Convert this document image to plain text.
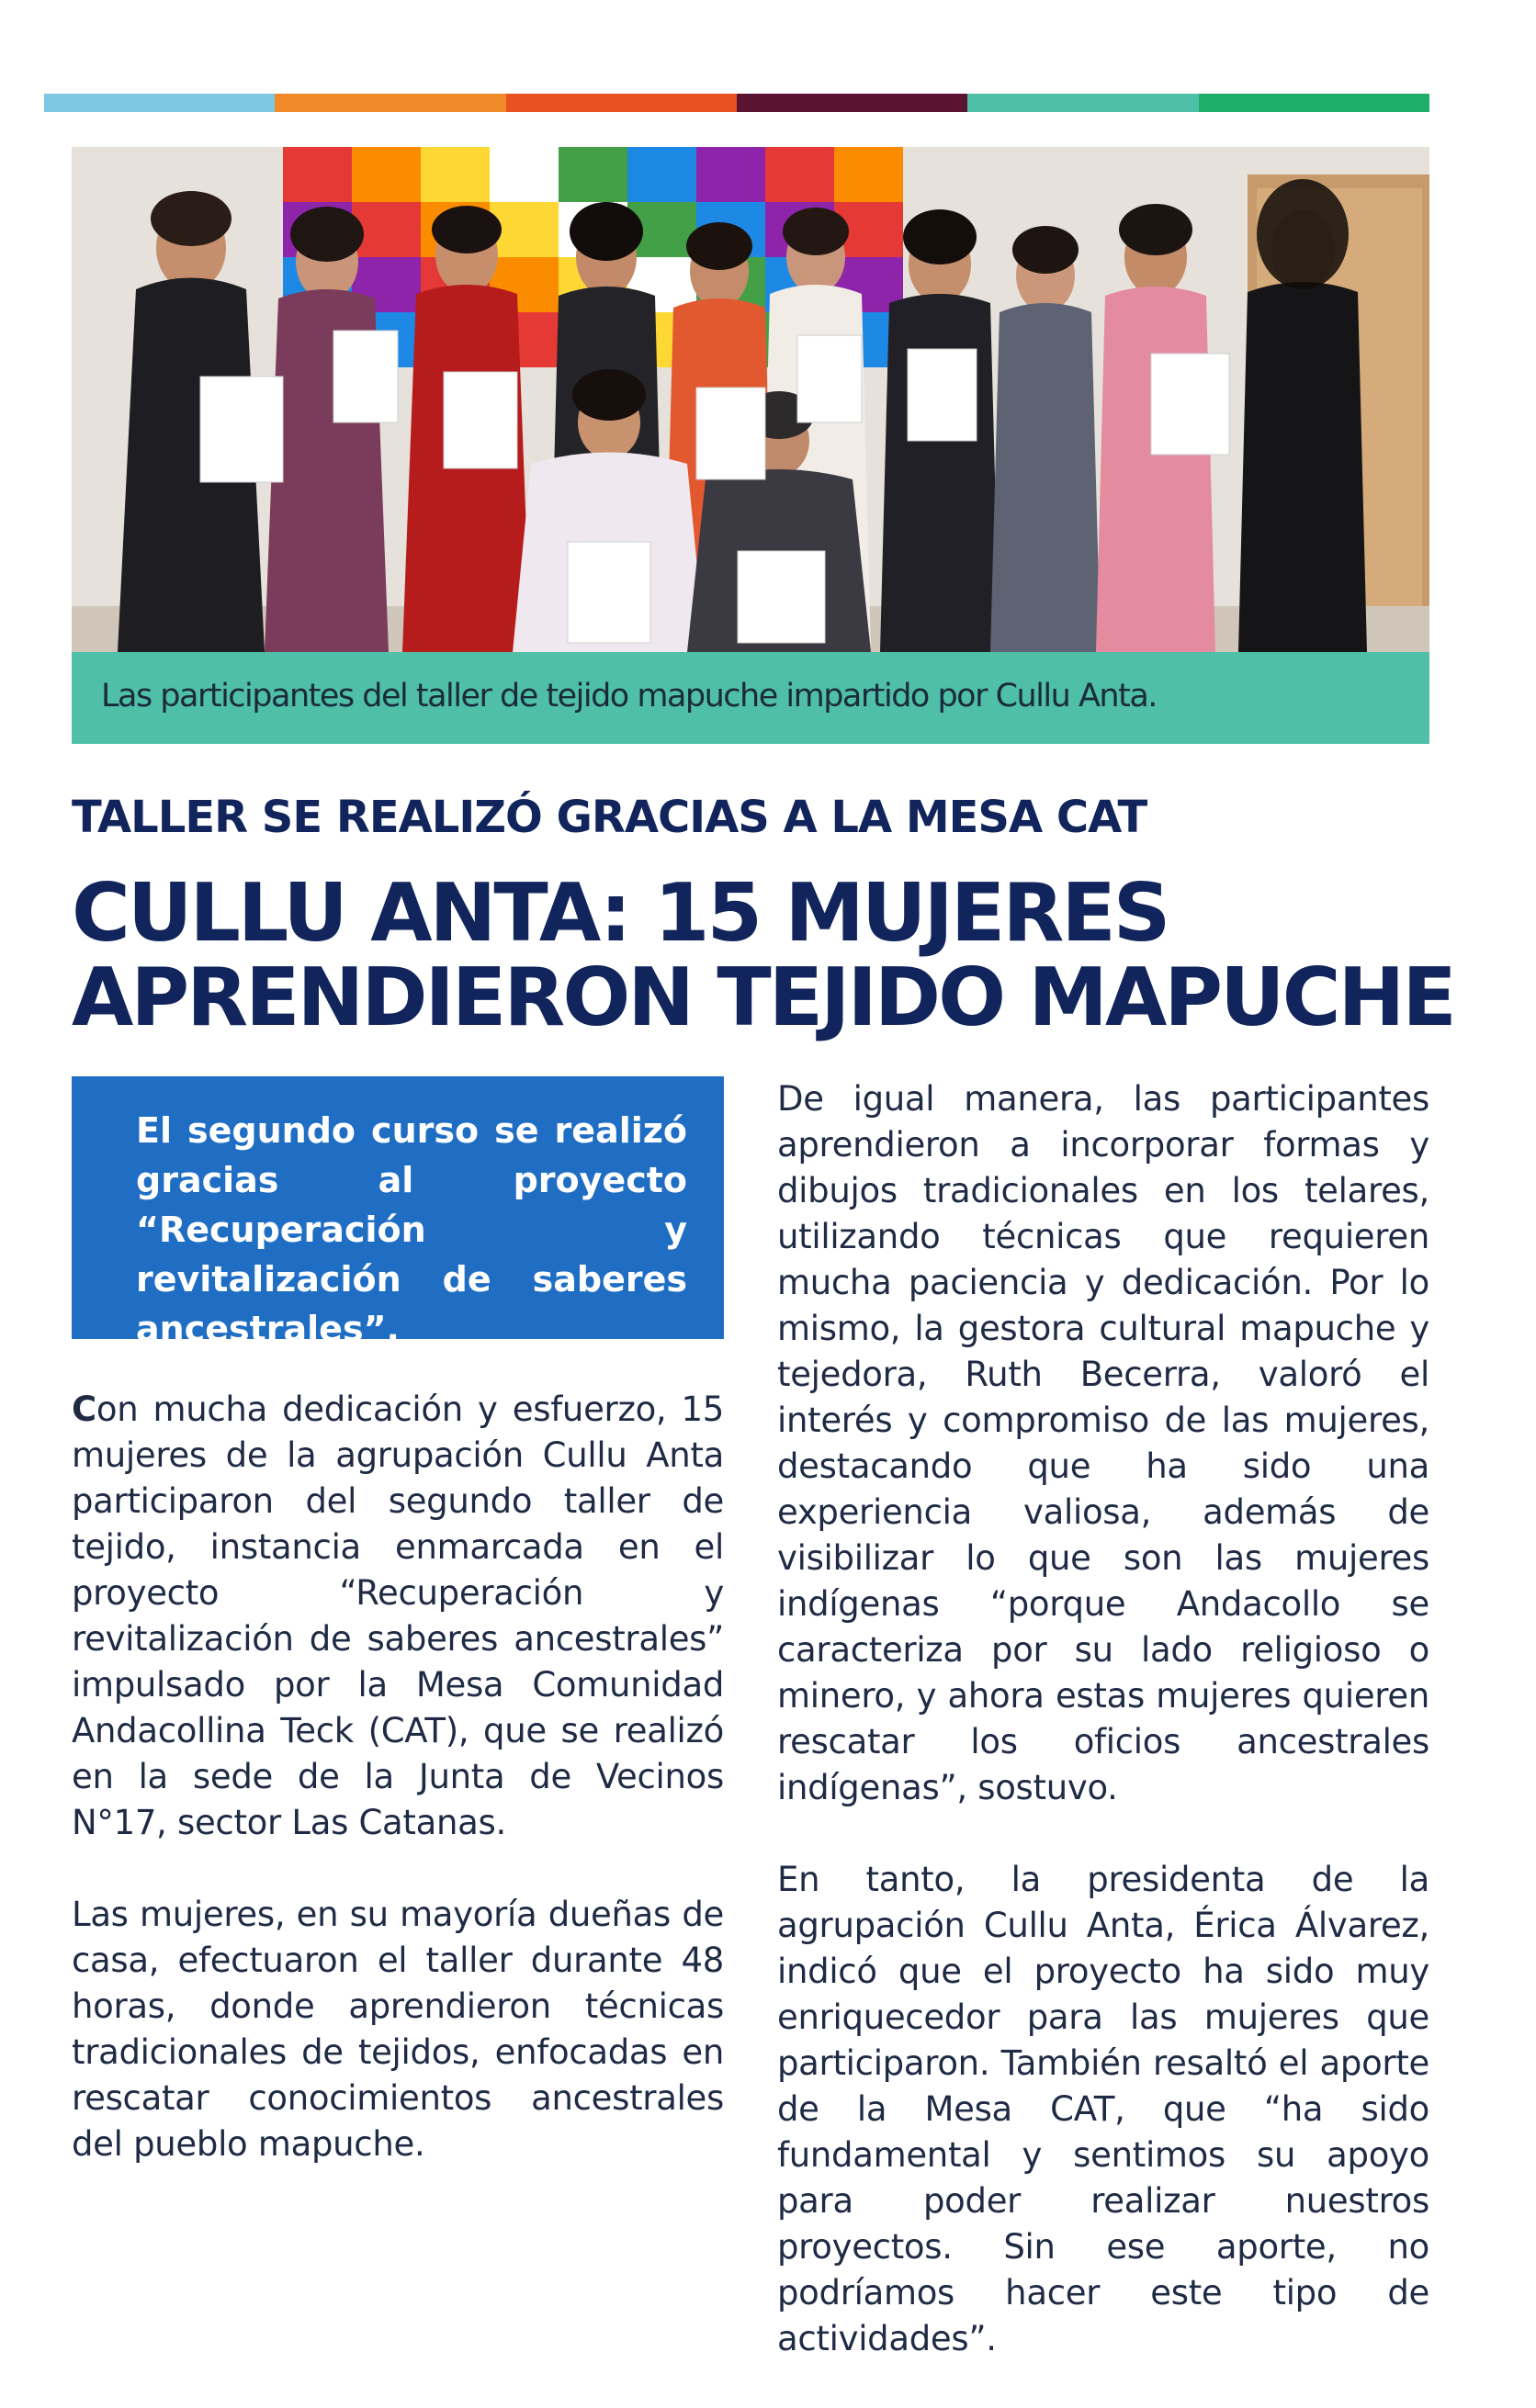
Las participantes del taller de tejido mapuche impartido por Cullu Anta.
TALLER SE REALIZÓ GRACIAS A LA MESA CAT
CULLU ANTA: 15 MUJERES
APRENDIERON TEJIDO MAPUCHE

El segundo curso se realizó gracias al proyecto “Recuperación y revitalización de saberes ancestrales”.

Con mucha dedicación y esfuerzo, 15 mujeres de la agrupación Cullu Anta participaron del segundo taller de tejido, instancia enmarcada en el proyecto “Recuperación y revitalización de saberes ancestrales” impulsado por la Mesa Comunidad Andacollina Teck (CAT), que se realizó en la sede de la Junta de Vecinos N°17, sector Las Catanas.

Las mujeres, en su mayoría dueñas de casa, efectuaron el taller durante 48 horas, donde aprendieron técnicas tradicionales de tejidos, enfocadas en rescatar conocimientos ancestrales del pueblo mapuche.

De igual manera, las participantes aprendieron a incorporar formas y dibujos tradicionales en los telares, utilizando técnicas que requieren mucha paciencia y dedicación. Por lo mismo, la gestora cultural mapuche y tejedora, Ruth Becerra, valoró el interés y compromiso de las mujeres, destacando que ha sido una experiencia valiosa, además de visibilizar lo que son las mujeres indígenas “porque Andacollo se caracteriza por su lado religioso o minero, y ahora estas mujeres quieren rescatar los oficios ancestrales indígenas”, sostuvo.

En tanto, la presidenta de la agrupación Cullu Anta, Érica Álvarez, indicó que el proyecto ha sido muy enriquecedor para las mujeres que participaron. También resaltó el aporte de la Mesa CAT, que “ha sido fundamental y sentimos su apoyo para poder realizar nuestros proyectos. Sin ese aporte, no podríamos hacer este tipo de actividades”.
